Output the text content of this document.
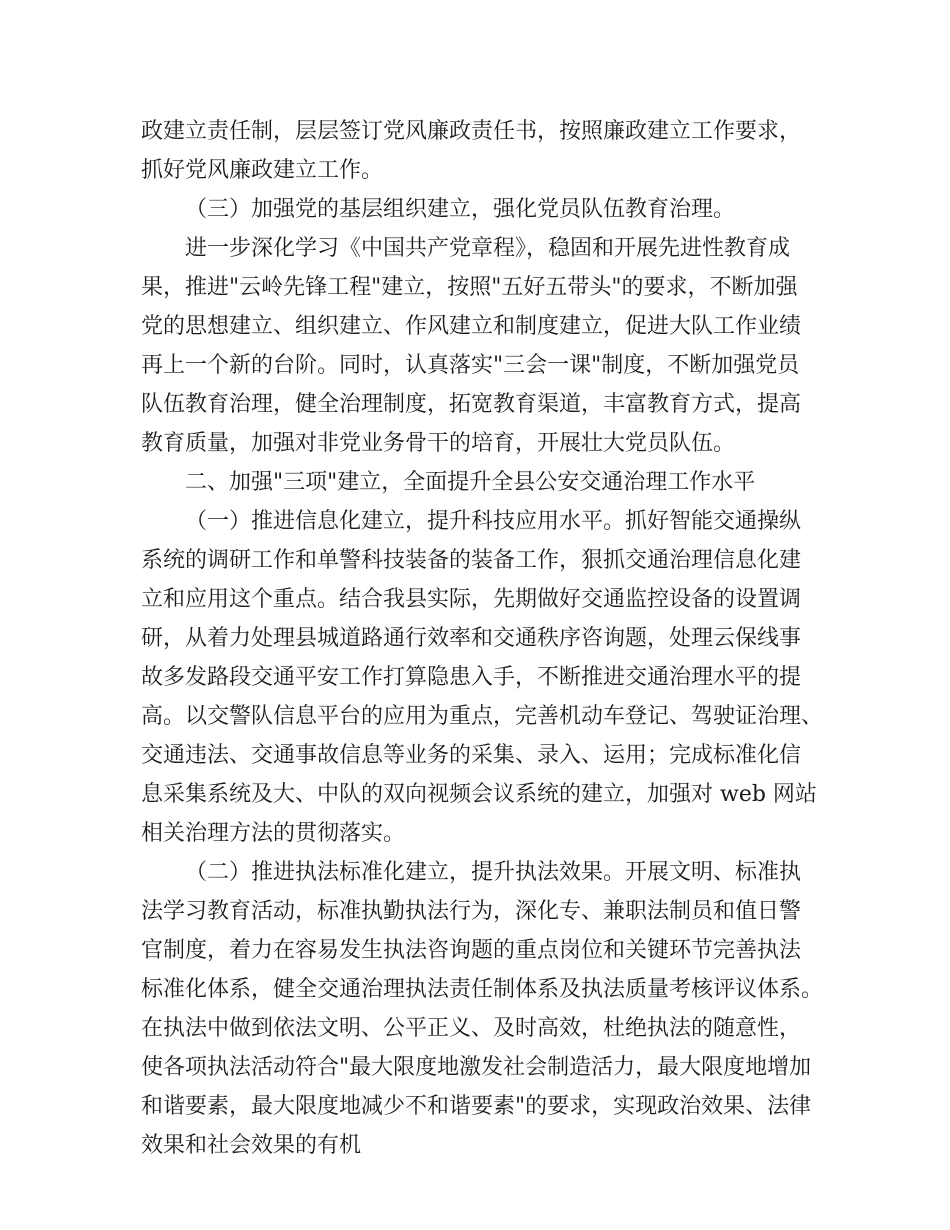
政建立责任制，层层签订党风廉政责任书，按照廉政建立工作要求，
抓好党风廉政建立工作。
（三）加强党的基层组织建立，强化党员队伍教育治理。
进一步深化学习《中国共产党章程》，稳固和开展先进性教育成
果，推进"云岭先锋工程"建立，按照"五好五带头"的要求，不断加强
党的思想建立、组织建立、作风建立和制度建立，促进大队工作业绩
再上一个新的台阶。同时，认真落实"三会一课"制度，不断加强党员
队伍教育治理，健全治理制度，拓宽教育渠道，丰富教育方式，提高
教育质量，加强对非党业务骨干的培育，开展壮大党员队伍。
二、加强"三项"建立，全面提升全县公安交通治理工作水平
（一）推进信息化建立，提升科技应用水平。抓好智能交通操纵
系统的调研工作和单警科技装备的装备工作，狠抓交通治理信息化建
立和应用这个重点。结合我县实际，先期做好交通监控设备的设置调
研，从着力处理县城道路通行效率和交通秩序咨询题，处理云保线事
故多发路段交通平安工作打算隐患入手，不断推进交通治理水平的提
高。以交警队信息平台的应用为重点，完善机动车登记、驾驶证治理、
交通违法、交通事故信息等业务的采集、录入、运用；完成标准化信
息采集系统及大、中队的双向视频会议系统的建立，加强对 web 网站
相关治理方法的贯彻落实。
（二）推进执法标准化建立，提升执法效果。开展文明、标准执
法学习教育活动，标准执勤执法行为，深化专、兼职法制员和值日警
官制度，着力在容易发生执法咨询题的重点岗位和关键环节完善执法
标准化体系，健全交通治理执法责任制体系及执法质量考核评议体系。
在执法中做到依法文明、公平正义、及时高效，杜绝执法的随意性，
使各项执法活动符合"最大限度地激发社会制造活力，最大限度地增加
和谐要素，最大限度地减少不和谐要素"的要求，实现政治效果、法律
效果和社会效果的有机
